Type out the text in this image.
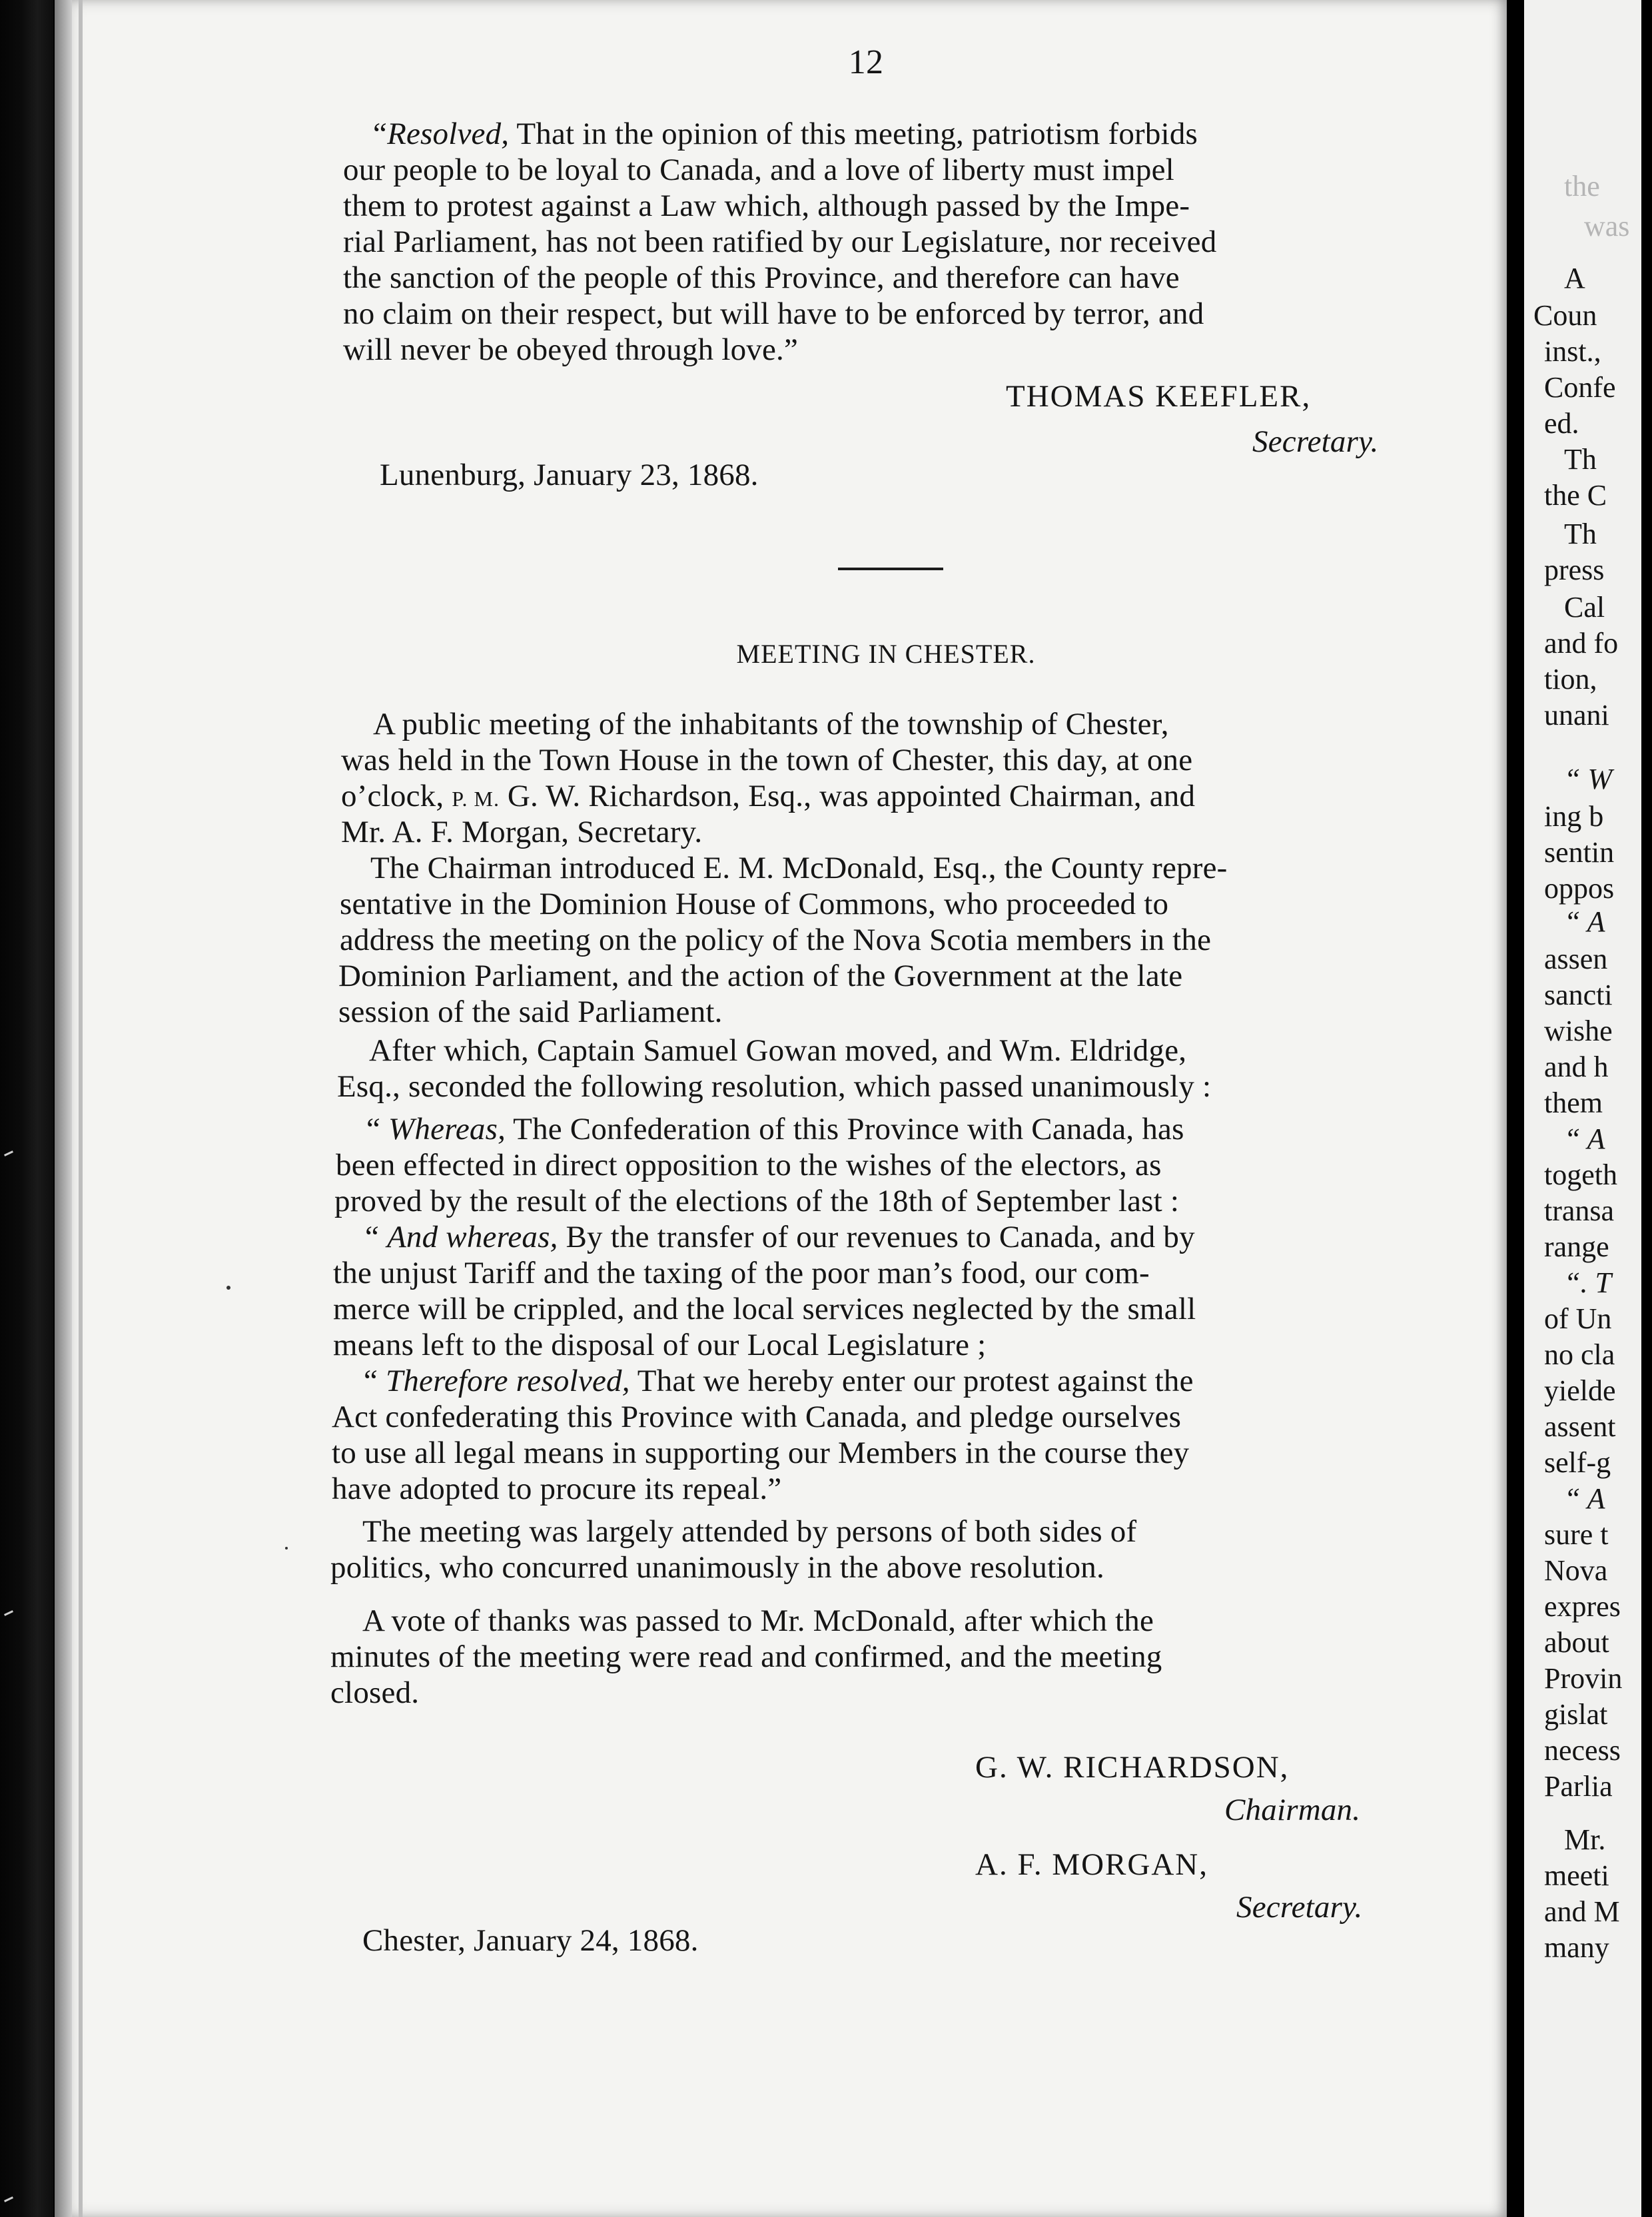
12
“Resolved, That in the opinion of this meeting, patriotism forbids
our people to be loyal to Canada, and a love of liberty must impel
them to protest against a Law which, although passed by the Impe-
rial Parliament, has not been ratified by our Legislature, nor received
the sanction of the people of this Province, and therefore can have
no claim on their respect, but will have to be enforced by terror, and
will never be obeyed through love.”
THOMAS KEEFLER,
Secretary.
Lunenburg, January 23, 1868.
MEETING IN CHESTER.
A public meeting of the inhabitants of the township of Chester,
was held in the Town House in the town of Chester, this day, at one
o’clock, P. M. G. W. Richardson, Esq., was appointed Chairman, and
Mr. A. F. Morgan, Secretary.
The Chairman introduced E. M. McDonald, Esq., the County repre-
sentative in the Dominion House of Commons, who proceeded to
address the meeting on the policy of the Nova Scotia members in the
Dominion Parliament, and the action of the Government at the late
session of the said Parliament.
After which, Captain Samuel Gowan moved, and Wm. Eldridge,
Esq., seconded the following resolution, which passed unanimously :
“ Whereas, The Confederation of this Province with Canada, has
been effected in direct opposition to the wishes of the electors, as
proved by the result of the elections of the 18th of September last :
“ And whereas, By the transfer of our revenues to Canada, and by
the unjust Tariff and the taxing of the poor man’s food, our com-
merce will be crippled, and the local services neglected by the small
means left to the disposal of our Local Legislature ;
“ Therefore resolved, That we hereby enter our protest against the
Act confederating this Province with Canada, and pledge ourselves
to use all legal means in supporting our Members in the course they
have adopted to procure its repeal.”
The meeting was largely attended by persons of both sides of
politics, who concurred unanimously in the above resolution.
A vote of thanks was passed to Mr. McDonald, after which the
minutes of the meeting were read and confirmed, and the meeting
closed.
G. W. RICHARDSON,
Chairman.
A. F. MORGAN,
Secretary.
Chester, January 24, 1868.
the
was
A
Coun
inst.,
Confe
ed.
Th
the C
Th
press
Cal
and fo
tion,
unani
“ W
ing b
sentin
oppos
“ A
assen
sancti
wishe
and h
them
“ A
togeth
transa
range
“. T
of Un
no cla
yielde
assent
self-g
“ A
sure t
Nova
expres
about
Provin
gislat
necess
Parlia
Mr.
meeti
and M
many
